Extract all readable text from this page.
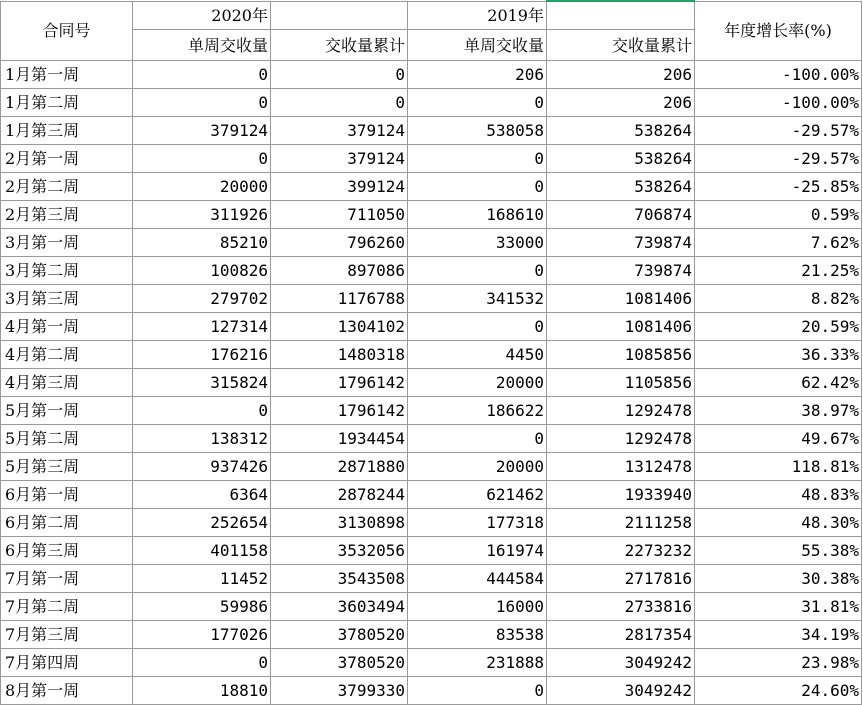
合同号	2020年		2019年		年度增长率(%)
	单周交收量	交收量累计	单周交收量	交收量累计	
1月第一周	0	0	206	206	-100.00%
1月第二周	0	0	0	206	-100.00%
1月第三周	379124	379124	538058	538264	-29.57%
2月第一周	0	379124	0	538264	-29.57%
2月第二周	20000	399124	0	538264	-25.85%
2月第三周	311926	711050	168610	706874	0.59%
3月第一周	85210	796260	33000	739874	7.62%
3月第二周	100826	897086	0	739874	21.25%
3月第三周	279702	1176788	341532	1081406	8.82%
4月第一周	127314	1304102	0	1081406	20.59%
4月第二周	176216	1480318	4450	1085856	36.33%
4月第三周	315824	1796142	20000	1105856	62.42%
5月第一周	0	1796142	186622	1292478	38.97%
5月第二周	138312	1934454	0	1292478	49.67%
5月第三周	937426	2871880	20000	1312478	118.81%
6月第一周	6364	2878244	621462	1933940	48.83%
6月第二周	252654	3130898	177318	2111258	48.30%
6月第三周	401158	3532056	161974	2273232	55.38%
7月第一周	11452	3543508	444584	2717816	30.38%
7月第二周	59986	3603494	16000	2733816	31.81%
7月第三周	177026	3780520	83538	2817354	34.19%
7月第四周	0	3780520	231888	3049242	23.98%
8月第一周	18810	3799330	0	3049242	24.60%
